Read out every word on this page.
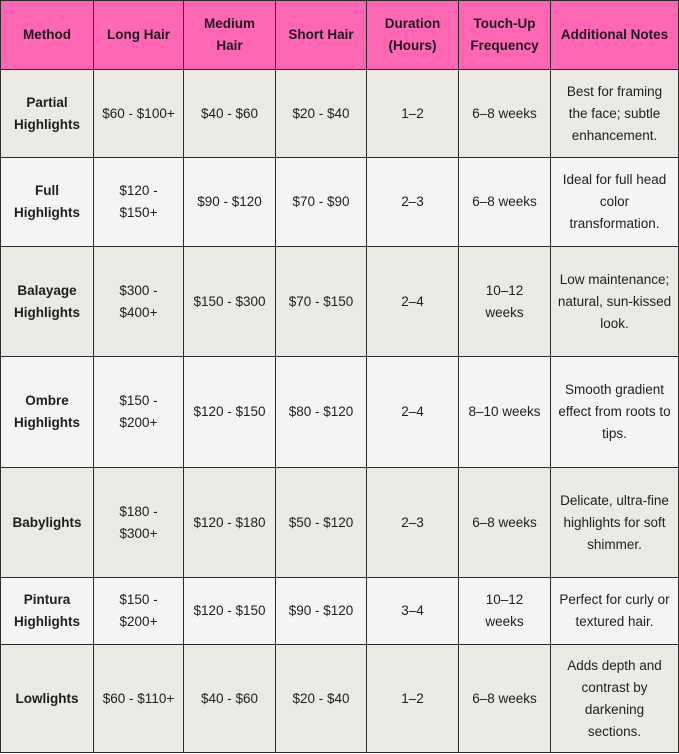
Method	Long Hair	Medium Hair	Short Hair	Duration (Hours)	Touch-Up Frequency	Additional Notes
Partial Highlights	$60 - $100+	$40 - $60	$20 - $40	1–2	6–8 weeks	Best for framing the face; subtle enhancement.
Full Highlights	$120 - $150+	$90 - $120	$70 - $90	2–3	6–8 weeks	Ideal for full head color transformation.
Balayage Highlights	$300 - $400+	$150 - $300	$70 - $150	2–4	10–12 weeks	Low maintenance; natural, sun-kissed look.
Ombre Highlights	$150 - $200+	$120 - $150	$80 - $120	2–4	8–10 weeks	Smooth gradient effect from roots to tips.
Babylights	$180 - $300+	$120 - $180	$50 - $120	2–3	6–8 weeks	Delicate, ultra-fine highlights for soft shimmer.
Pintura Highlights	$150 - $200+	$120 - $150	$90 - $120	3–4	10–12 weeks	Perfect for curly or textured hair.
Lowlights	$60 - $110+	$40 - $60	$20 - $40	1–2	6–8 weeks	Adds depth and contrast by darkening sections.
